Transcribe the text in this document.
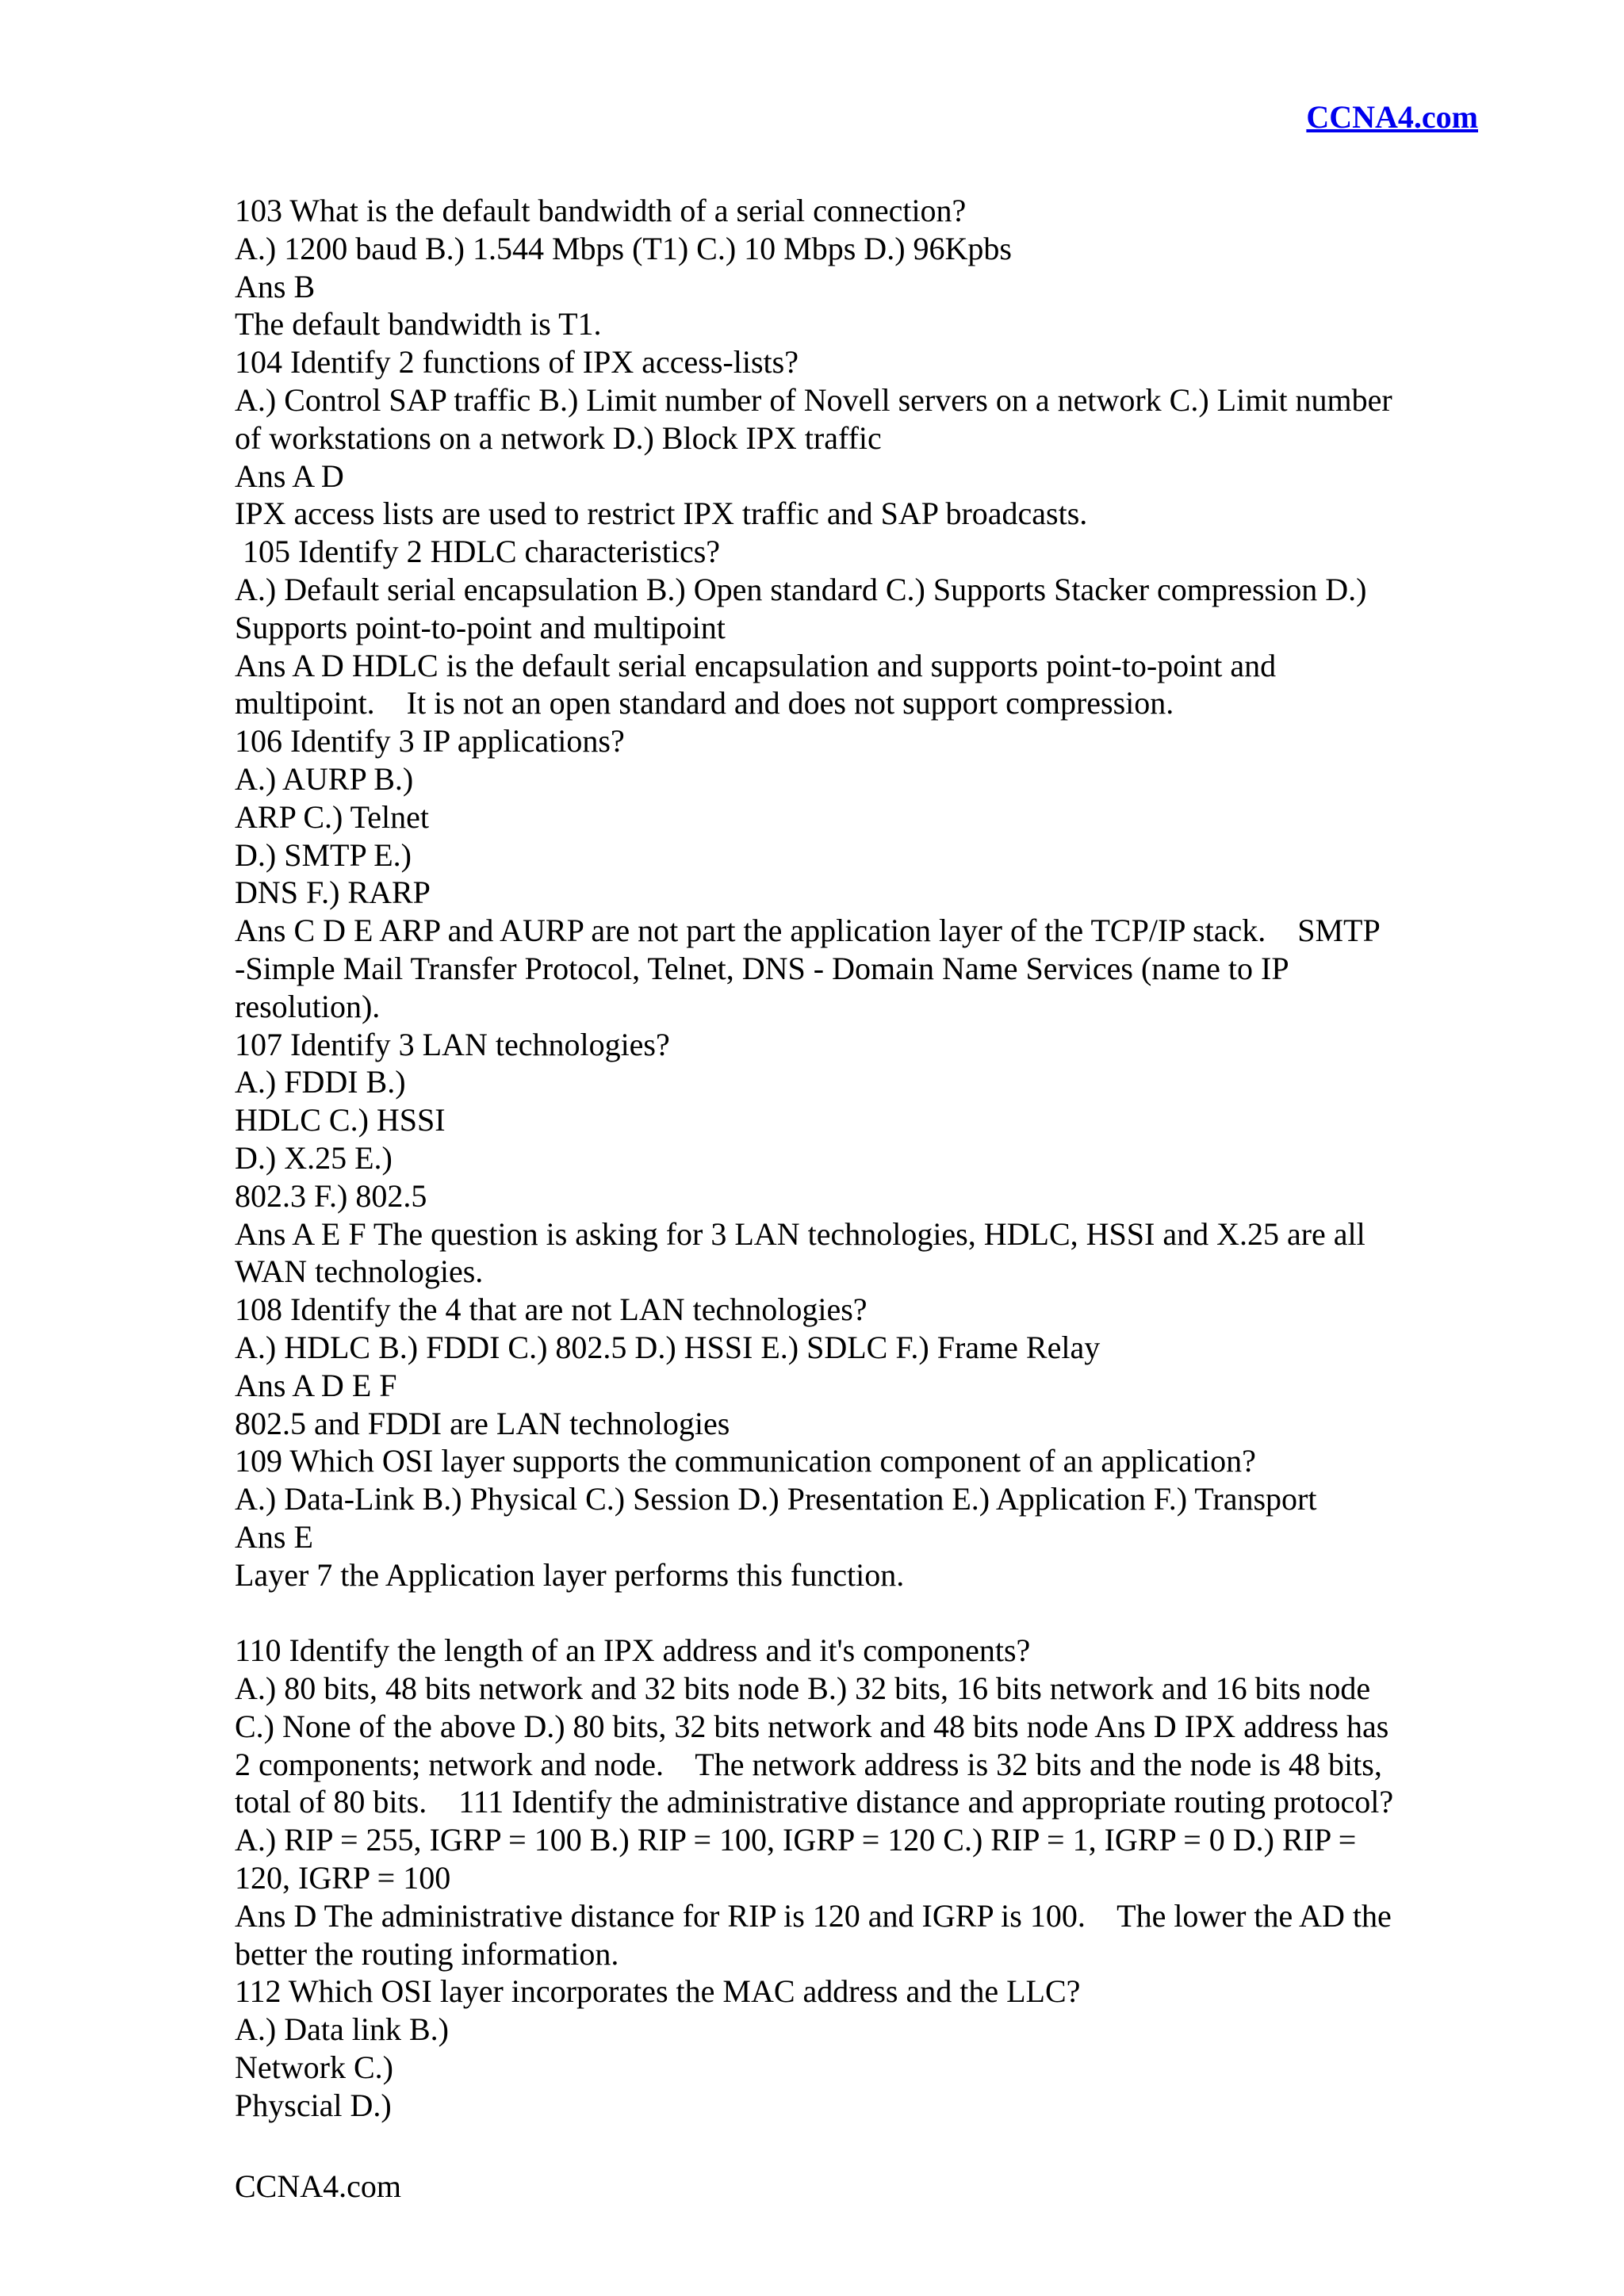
CCNA4.com
103 What is the default bandwidth of a serial connection?
A.) 1200 baud B.) 1.544 Mbps (T1) C.) 10 Mbps D.) 96Kpbs
Ans B
The default bandwidth is T1.
104 Identify 2 functions of IPX access-lists?
A.) Control SAP traffic B.) Limit number of Novell servers on a network C.) Limit number
of workstations on a network D.) Block IPX traffic
Ans A D
IPX access lists are used to restrict IPX traffic and SAP broadcasts.
105 Identify 2 HDLC characteristics?
A.) Default serial encapsulation B.) Open standard C.) Supports Stacker compression D.)
Supports point-to-point and multipoint
Ans A D HDLC is the default serial encapsulation and supports point-to-point and
multipoint.    It is not an open standard and does not support compression.
106 Identify 3 IP applications?
A.) AURP B.)
ARP C.) Telnet
D.) SMTP E.)
DNS F.) RARP
Ans C D E ARP and AURP are not part the application layer of the TCP/IP stack.    SMTP
-Simple Mail Transfer Protocol, Telnet, DNS - Domain Name Services (name to IP
resolution).
107 Identify 3 LAN technologies?
A.) FDDI B.)
HDLC C.) HSSI
D.) X.25 E.)
802.3 F.) 802.5
Ans A E F The question is asking for 3 LAN technologies, HDLC, HSSI and X.25 are all
WAN technologies.
108 Identify the 4 that are not LAN technologies?
A.) HDLC B.) FDDI C.) 802.5 D.) HSSI E.) SDLC F.) Frame Relay
Ans A D E F
802.5 and FDDI are LAN technologies
109 Which OSI layer supports the communication component of an application?
A.) Data-Link B.) Physical C.) Session D.) Presentation E.) Application F.) Transport
Ans E
Layer 7 the Application layer performs this function.
110 Identify the length of an IPX address and it's components?
A.) 80 bits, 48 bits network and 32 bits node B.) 32 bits, 16 bits network and 16 bits node
C.) None of the above D.) 80 bits, 32 bits network and 48 bits node Ans D IPX address has
2 components; network and node.    The network address is 32 bits and the node is 48 bits,
total of 80 bits.    111 Identify the administrative distance and appropriate routing protocol?
A.) RIP = 255, IGRP = 100 B.) RIP = 100, IGRP = 120 C.) RIP = 1, IGRP = 0 D.) RIP =
120, IGRP = 100
Ans D The administrative distance for RIP is 120 and IGRP is 100.    The lower the AD the
better the routing information.
112 Which OSI layer incorporates the MAC address and the LLC?
A.) Data link B.)
Network C.)
Physcial D.)
CCNA4.com
